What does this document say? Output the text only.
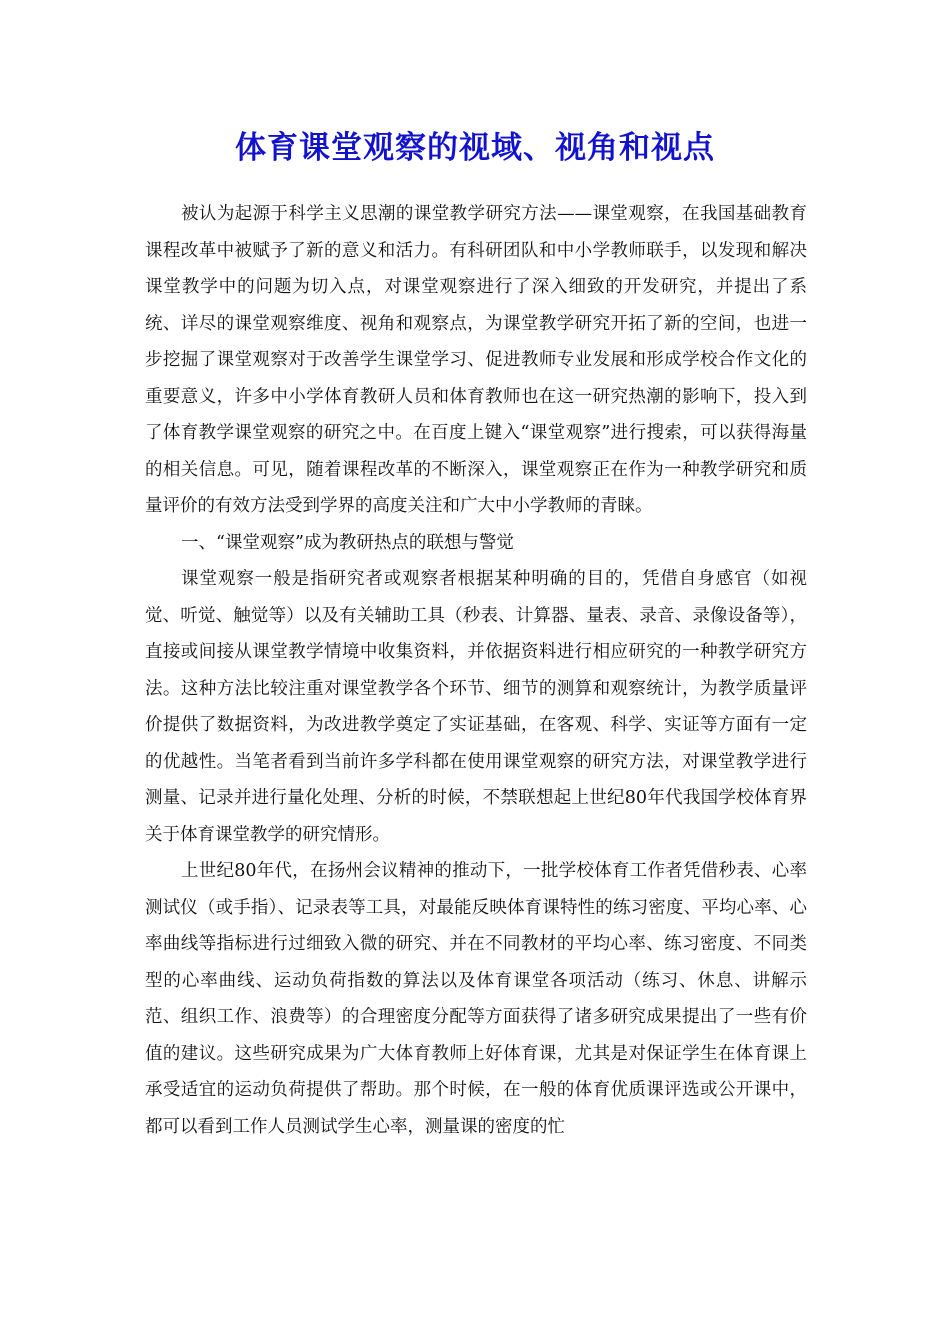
体育课堂观察的视域、视角和视点

被认为起源于科学主义思潮的课堂教学研究方法——课堂观察，在我国基础教育课程改革中被赋予了新的意义和活力。有科研团队和中小学教师联手，以发现和解决课堂教学中的问题为切入点，对课堂观察进行了深入细致的开发研究，并提出了系统、详尽的课堂观察维度、视角和观察点，为课堂教学研究开拓了新的空间，也进一步挖掘了课堂观察对于改善学生课堂学习、促进教师专业发展和形成学校合作文化的重要意义，许多中小学体育教研人员和体育教师也在这一研究热潮的影响下，投入到了体育教学课堂观察的研究之中。在百度上键入“课堂观察”进行搜索，可以获得海量的相关信息。可见，随着课程改革的不断深入，课堂观察正在作为一种教学研究和质量评价的有效方法受到学界的高度关注和广大中小学教师的青睐。

一、“课堂观察”成为教研热点的联想与警觉

课堂观察一般是指研究者或观察者根据某种明确的目的，凭借自身感官（如视觉、听觉、触觉等）以及有关辅助工具（秒表、计算器、量表、录音、录像设备等），直接或间接从课堂教学情境中收集资料，并依据资料进行相应研究的一种教学研究方法。这种方法比较注重对课堂教学各个环节、细节的测算和观察统计，为教学质量评价提供了数据资料，为改进教学奠定了实证基础，在客观、科学、实证等方面有一定的优越性。当笔者看到当前许多学科都在使用课堂观察的研究方法，对课堂教学进行测量、记录并进行量化处理、分析的时候，不禁联想起上世纪80年代我国学校体育界关于体育课堂教学的研究情形。

上世纪80年代，在扬州会议精神的推动下，一批学校体育工作者凭借秒表、心率测试仪（或手指）、记录表等工具，对最能反映体育课特性的练习密度、平均心率、心率曲线等指标进行过细致入微的研究、并在不同教材的平均心率、练习密度、不同类型的心率曲线、运动负荷指数的算法以及体育课堂各项活动（练习、休息、讲解示范、组织工作、浪费等）的合理密度分配等方面获得了诸多研究成果提出了一些有价值的建议。这些研究成果为广大体育教师上好体育课，尤其是对保证学生在体育课上承受适宜的运动负荷提供了帮助。那个时候，在一般的体育优质课评选或公开课中，都可以看到工作人员测试学生心率，测量课的密度的忙
